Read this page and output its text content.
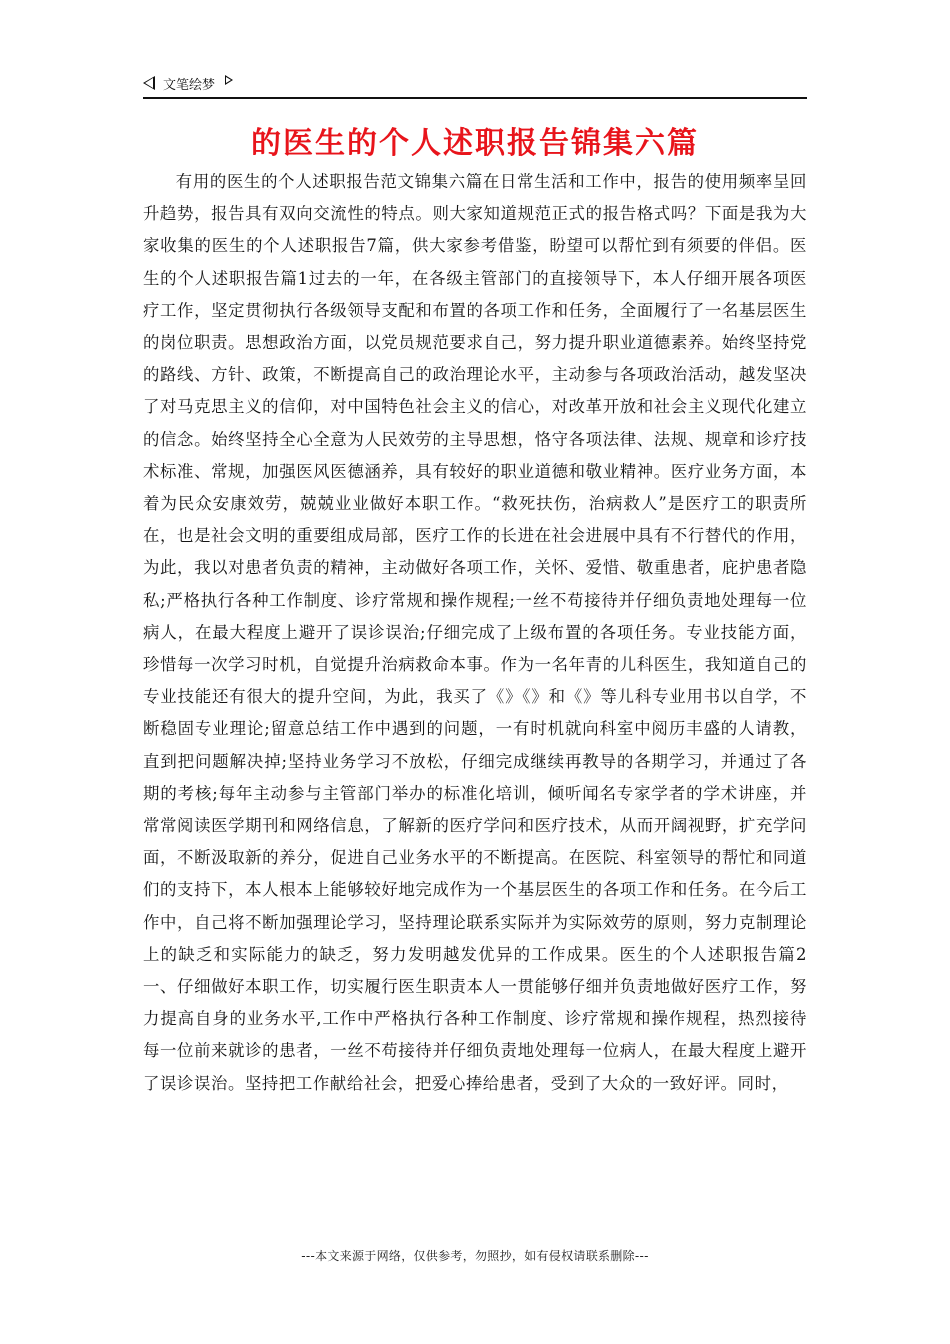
文笔绘梦
的医生的个人述职报告锦集六篇
有用的医生的个人述职报告范文锦集六篇在日常生活和工作中，报告的使用频率呈回升趋势，报告具有双向交流性的特点。则大家知道规范正式的报告格式吗？下面是我为大家收集的医生的个人述职报告7篇，供大家参考借鉴，盼望可以帮忙到有须要的伴侣。医生的个人述职报告篇1过去的一年，在各级主管部门的直接领导下，本人仔细开展各项医疗工作，坚定贯彻执行各级领导支配和布置的各项工作和任务，全面履行了一名基层医生的岗位职责。思想政治方面，以党员规范要求自己，努力提升职业道德素养。始终坚持党的路线、方针、政策，不断提高自己的政治理论水平，主动参与各项政治活动，越发坚决了对马克思主义的信仰，对中国特色社会主义的信心，对改革开放和社会主义现代化建立的信念。始终坚持全心全意为人民效劳的主导思想，恪守各项法律、法规、规章和诊疗技术标准、常规，加强医风医德涵养，具有较好的职业道德和敬业精神。医疗业务方面，本着为民众安康效劳，兢兢业业做好本职工作。“救死扶伤，治病救人”是医疗工的职责所在，也是社会文明的重要组成局部，医疗工作的长进在社会进展中具有不行替代的作用，为此，我以对患者负责的精神，主动做好各项工作，关怀、爱惜、敬重患者，庇护患者隐私;严格执行各种工作制度、诊疗常规和操作规程;一丝不苟接待并仔细负责地处理每一位病人，在最大程度上避开了误诊误治;仔细完成了上级布置的各项任务。专业技能方面，珍惜每一次学习时机，自觉提升治病救命本事。作为一名年青的儿科医生，我知道自己的专业技能还有很大的提升空间，为此，我买了《》《》和《》等儿科专业用书以自学，不断稳固专业理论;留意总结工作中遇到的问题，一有时机就向科室中阅历丰盛的人请教，直到把问题解决掉;坚持业务学习不放松，仔细完成继续再教导的各期学习，并通过了各期的考核;每年主动参与主管部门举办的标准化培训，倾听闻名专家学者的学术讲座，并常常阅读医学期刊和网络信息，了解新的医疗学问和医疗技术，从而开阔视野，扩充学问面，不断汲取新的养分，促进自己业务水平的不断提高。在医院、科室领导的帮忙和同道们的支持下，本人根本上能够较好地完成作为一个基层医生的各项工作和任务。在今后工作中，自己将不断加强理论学习，坚持理论联系实际并为实际效劳的原则，努力克制理论上的缺乏和实际能力的缺乏，努力发明越发优异的工作成果。医生的个人述职报告篇2一、仔细做好本职工作，切实履行医生职责本人一贯能够仔细并负责地做好医疗工作，努力提高自身的业务水平,工作中严格执行各种工作制度、诊疗常规和操作规程，热烈接待每一位前来就诊的患者，一丝不苟接待并仔细负责地处理每一位病人，在最大程度上避开了误诊误治。坚持把工作献给社会，把爱心捧给患者，受到了大众的一致好评。同时，
---本文来源于网络，仅供参考，勿照抄，如有侵权请联系删除---
